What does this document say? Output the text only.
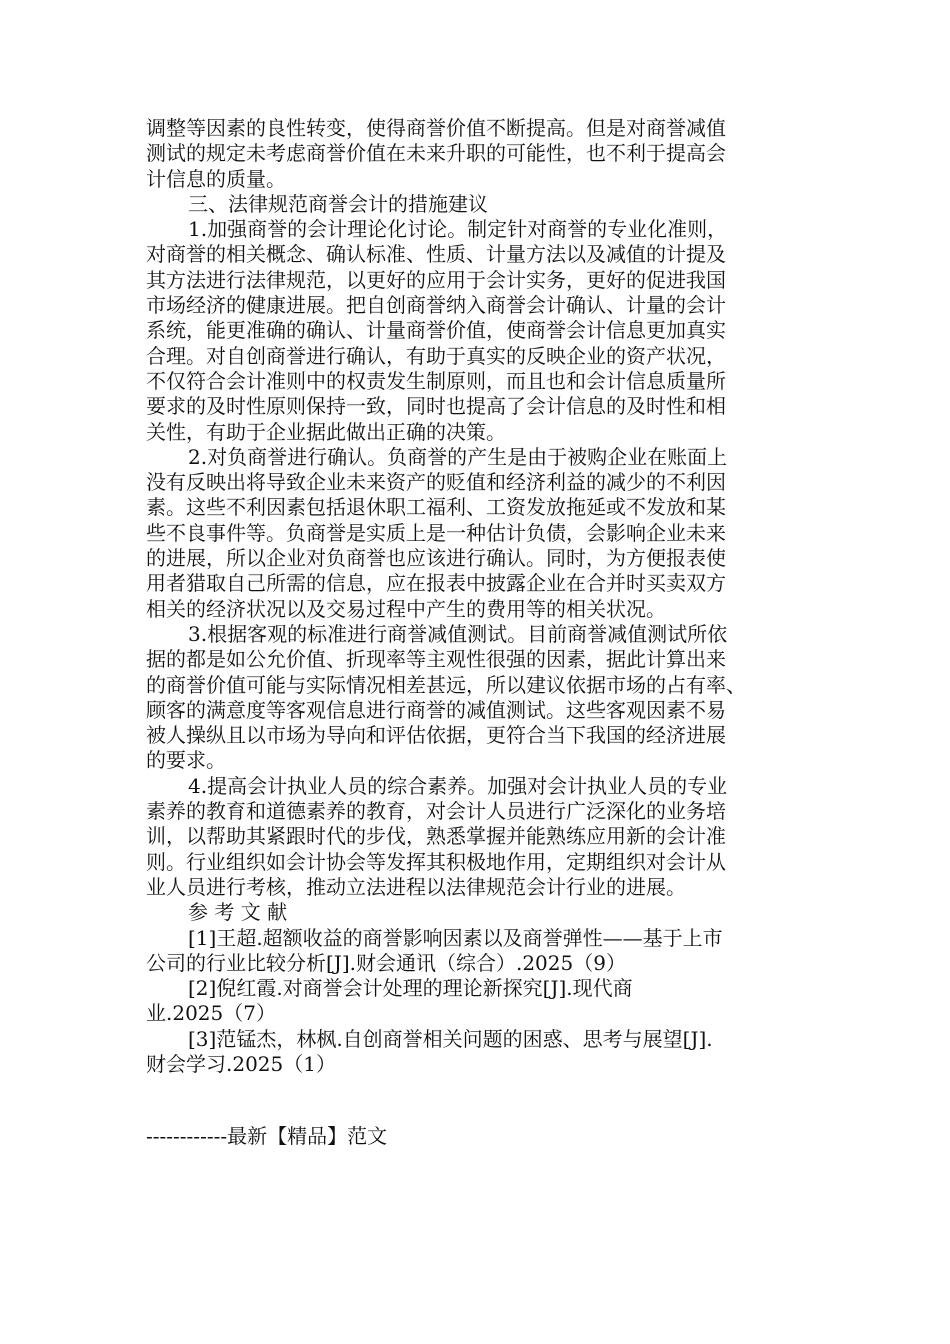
调整等因素的良性转变，使得商誉价值不断提高。但是对商誉减值
测试的规定未考虑商誉价值在未来升职的可能性，也不利于提高会
计信息的质量。
三、法律规范商誉会计的措施建议
1.加强商誉的会计理论化讨论。制定针对商誉的专业化准则，
对商誉的相关概念、确认标准、性质、计量方法以及减值的计提及
其方法进行法律规范，以更好的应用于会计实务，更好的促进我国
市场经济的健康进展。把自创商誉纳入商誉会计确认、计量的会计
系统，能更准确的确认、计量商誉价值，使商誉会计信息更加真实
合理。对自创商誉进行确认，有助于真实的反映企业的资产状况，
不仅符合会计准则中的权责发生制原则，而且也和会计信息质量所
要求的及时性原则保持一致，同时也提高了会计信息的及时性和相
关性，有助于企业据此做出正确的决策。
2.对负商誉进行确认。负商誉的产生是由于被购企业在账面上
没有反映出将导致企业未来资产的贬值和经济利益的减少的不利因
素。这些不利因素包括退休职工福利、工资发放拖延或不发放和某
些不良事件等。负商誉是实质上是一种估计负债，会影响企业未来
的进展，所以企业对负商誉也应该进行确认。同时，为方便报表使
用者猎取自己所需的信息，应在报表中披露企业在合并时买卖双方
相关的经济状况以及交易过程中产生的费用等的相关状况。
3.根据客观的标准进行商誉减值测试。目前商誉减值测试所依
据的都是如公允价值、折现率等主观性很强的因素，据此计算出来
的商誉价值可能与实际情况相差甚远，所以建议依据市场的占有率、
顾客的满意度等客观信息进行商誉的减值测试。这些客观因素不易
被人操纵且以市场为导向和评估依据，更符合当下我国的经济进展
的要求。
4.提高会计执业人员的综合素养。加强对会计执业人员的专业
素养的教育和道德素养的教育，对会计人员进行广泛深化的业务培
训，以帮助其紧跟时代的步伐，熟悉掌握并能熟练应用新的会计准
则。行业组织如会计协会等发挥其积极地作用，定期组织对会计从
业人员进行考核，推动立法进程以法律规范会计行业的进展。
参 考 文 献
[1]王超.超额收益的商誉影响因素以及商誉弹性——基于上市
公司的行业比较分析[J].财会通讯（综合）.2025（9）
[2]倪红霞.对商誉会计处理的理论新探究[J].现代商
业.2025（7）
[3]范锰杰，林枫.自创商誉相关问题的困惑、思考与展望[J].
财会学习.2025（1）
------------最新【精品】范文
